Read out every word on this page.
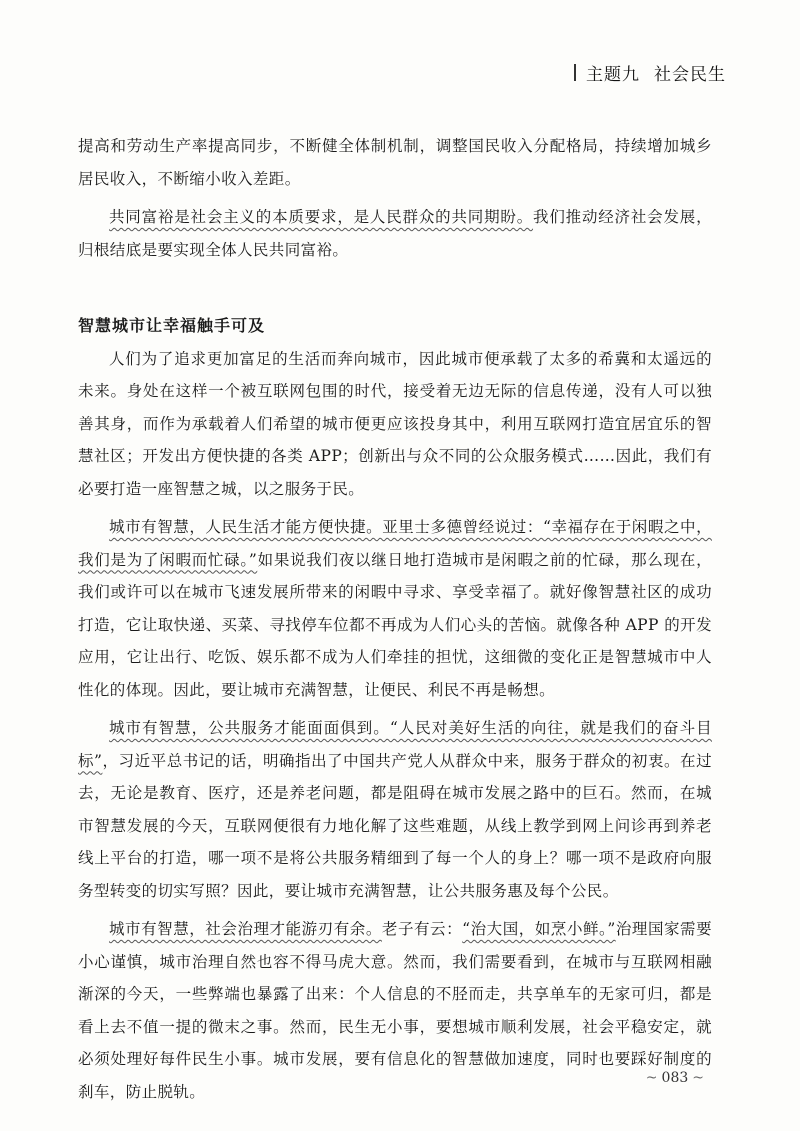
主题九 社会民生

提高和劳动生产率提高同步，不断健全体制机制，调整国民收入分配格局，持续增加城乡居民收入，不断缩小收入差距。

共同富裕是社会主义的本质要求，是人民群众的共同期盼。我们推动经济社会发展，归根结底是要实现全体人民共同富裕。

智慧城市让幸福触手可及

人们为了追求更加富足的生活而奔向城市，因此城市便承载了太多的希冀和太遥远的未来。身处在这样一个被互联网包围的时代，接受着无边无际的信息传递，没有人可以独善其身，而作为承载着人们希望的城市便更应该投身其中，利用互联网打造宜居宜乐的智慧社区；开发出方便快捷的各类 APP；创新出与众不同的公众服务模式……因此，我们有必要打造一座智慧之城，以之服务于民。

城市有智慧，人民生活才能方便快捷。亚里士多德曾经说过：“幸福存在于闲暇之中，我们是为了闲暇而忙碌。”如果说我们夜以继日地打造城市是闲暇之前的忙碌，那么现在，我们或许可以在城市飞速发展所带来的闲暇中寻求、享受幸福了。就好像智慧社区的成功打造，它让取快递、买菜、寻找停车位都不再成为人们心头的苦恼。就像各种 APP 的开发应用，它让出行、吃饭、娱乐都不成为人们牵挂的担忧，这细微的变化正是智慧城市中人性化的体现。因此，要让城市充满智慧，让便民、利民不再是畅想。

城市有智慧，公共服务才能面面俱到。“人民对美好生活的向往，就是我们的奋斗目标”，习近平总书记的话，明确指出了中国共产党人从群众中来，服务于群众的初衷。在过去，无论是教育、医疗，还是养老问题，都是阻碍在城市发展之路中的巨石。然而，在城市智慧发展的今天，互联网便很有力地化解了这些难题，从线上教学到网上问诊再到养老线上平台的打造，哪一项不是将公共服务精细到了每一个人的身上？哪一项不是政府向服务型转变的切实写照？因此，要让城市充满智慧，让公共服务惠及每个公民。

城市有智慧，社会治理才能游刃有余。老子有云：“治大国，如烹小鲜。”治理国家需要小心谨慎，城市治理自然也容不得马虎大意。然而，我们需要看到，在城市与互联网相融渐深的今天，一些弊端也暴露了出来：个人信息的不胫而走，共享单车的无家可归，都是看上去不值一提的微末之事。然而，民生无小事，要想城市顺利发展，社会平稳安定，就必须处理好每件民生小事。城市发展，要有信息化的智慧做加速度，同时也要踩好制度的刹车，防止脱轨。

~ 083 ~
